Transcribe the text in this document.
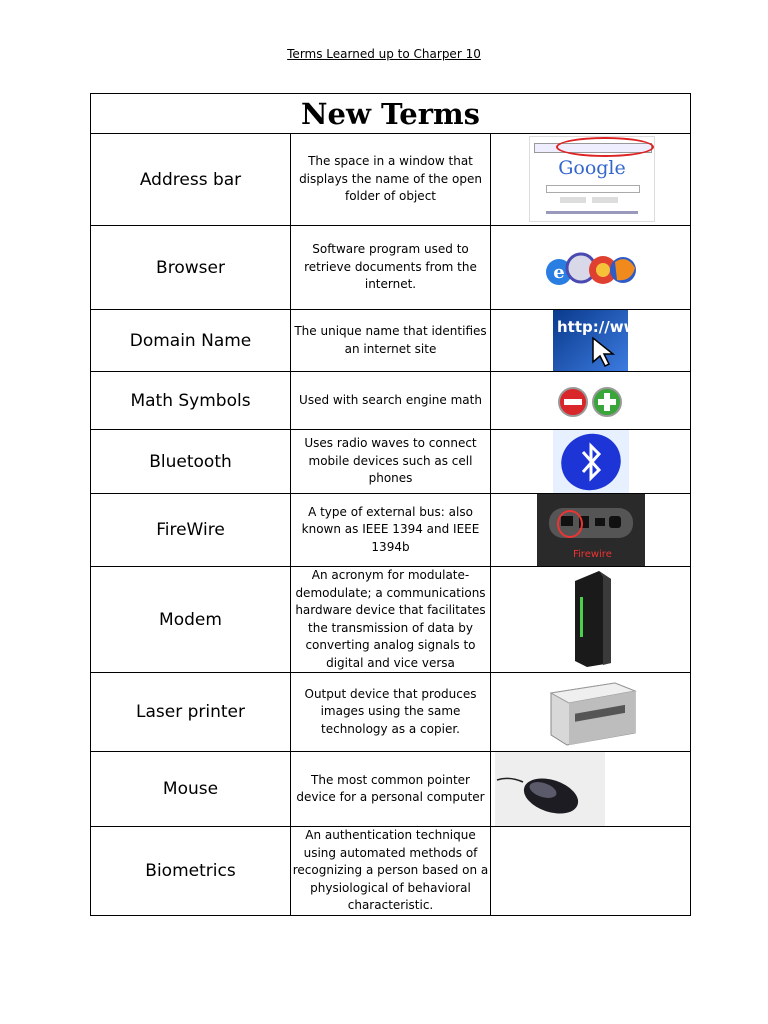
Terms Learned up to Charper 10
New Terms		
Address bar	The space in a window that displays the name of the open folder of object	Google

Browser	Software program used to retrieve documents from the internet.	e

Domain Name	The unique name that identifies an internet site	http://www

Math Symbols	Used with search engine math	

Bluetooth	Uses radio waves to connect mobile devices such as cell phones	

FireWire	A type of external bus: also known as IEEE 1394 and IEEE 1394b	Firewire

Modem	An acronym for modulate-demodulate; a communications hardware device that facilitates the transmission of data by converting analog signals to digital and vice versa	

Laser printer	Output device that produces images using the same technology as a copier.	

Mouse	The most common pointer device for a personal computer	

Biometrics	An authentication technique using automated methods of recognizing a person based on a physiological of behavioral characteristic.	
